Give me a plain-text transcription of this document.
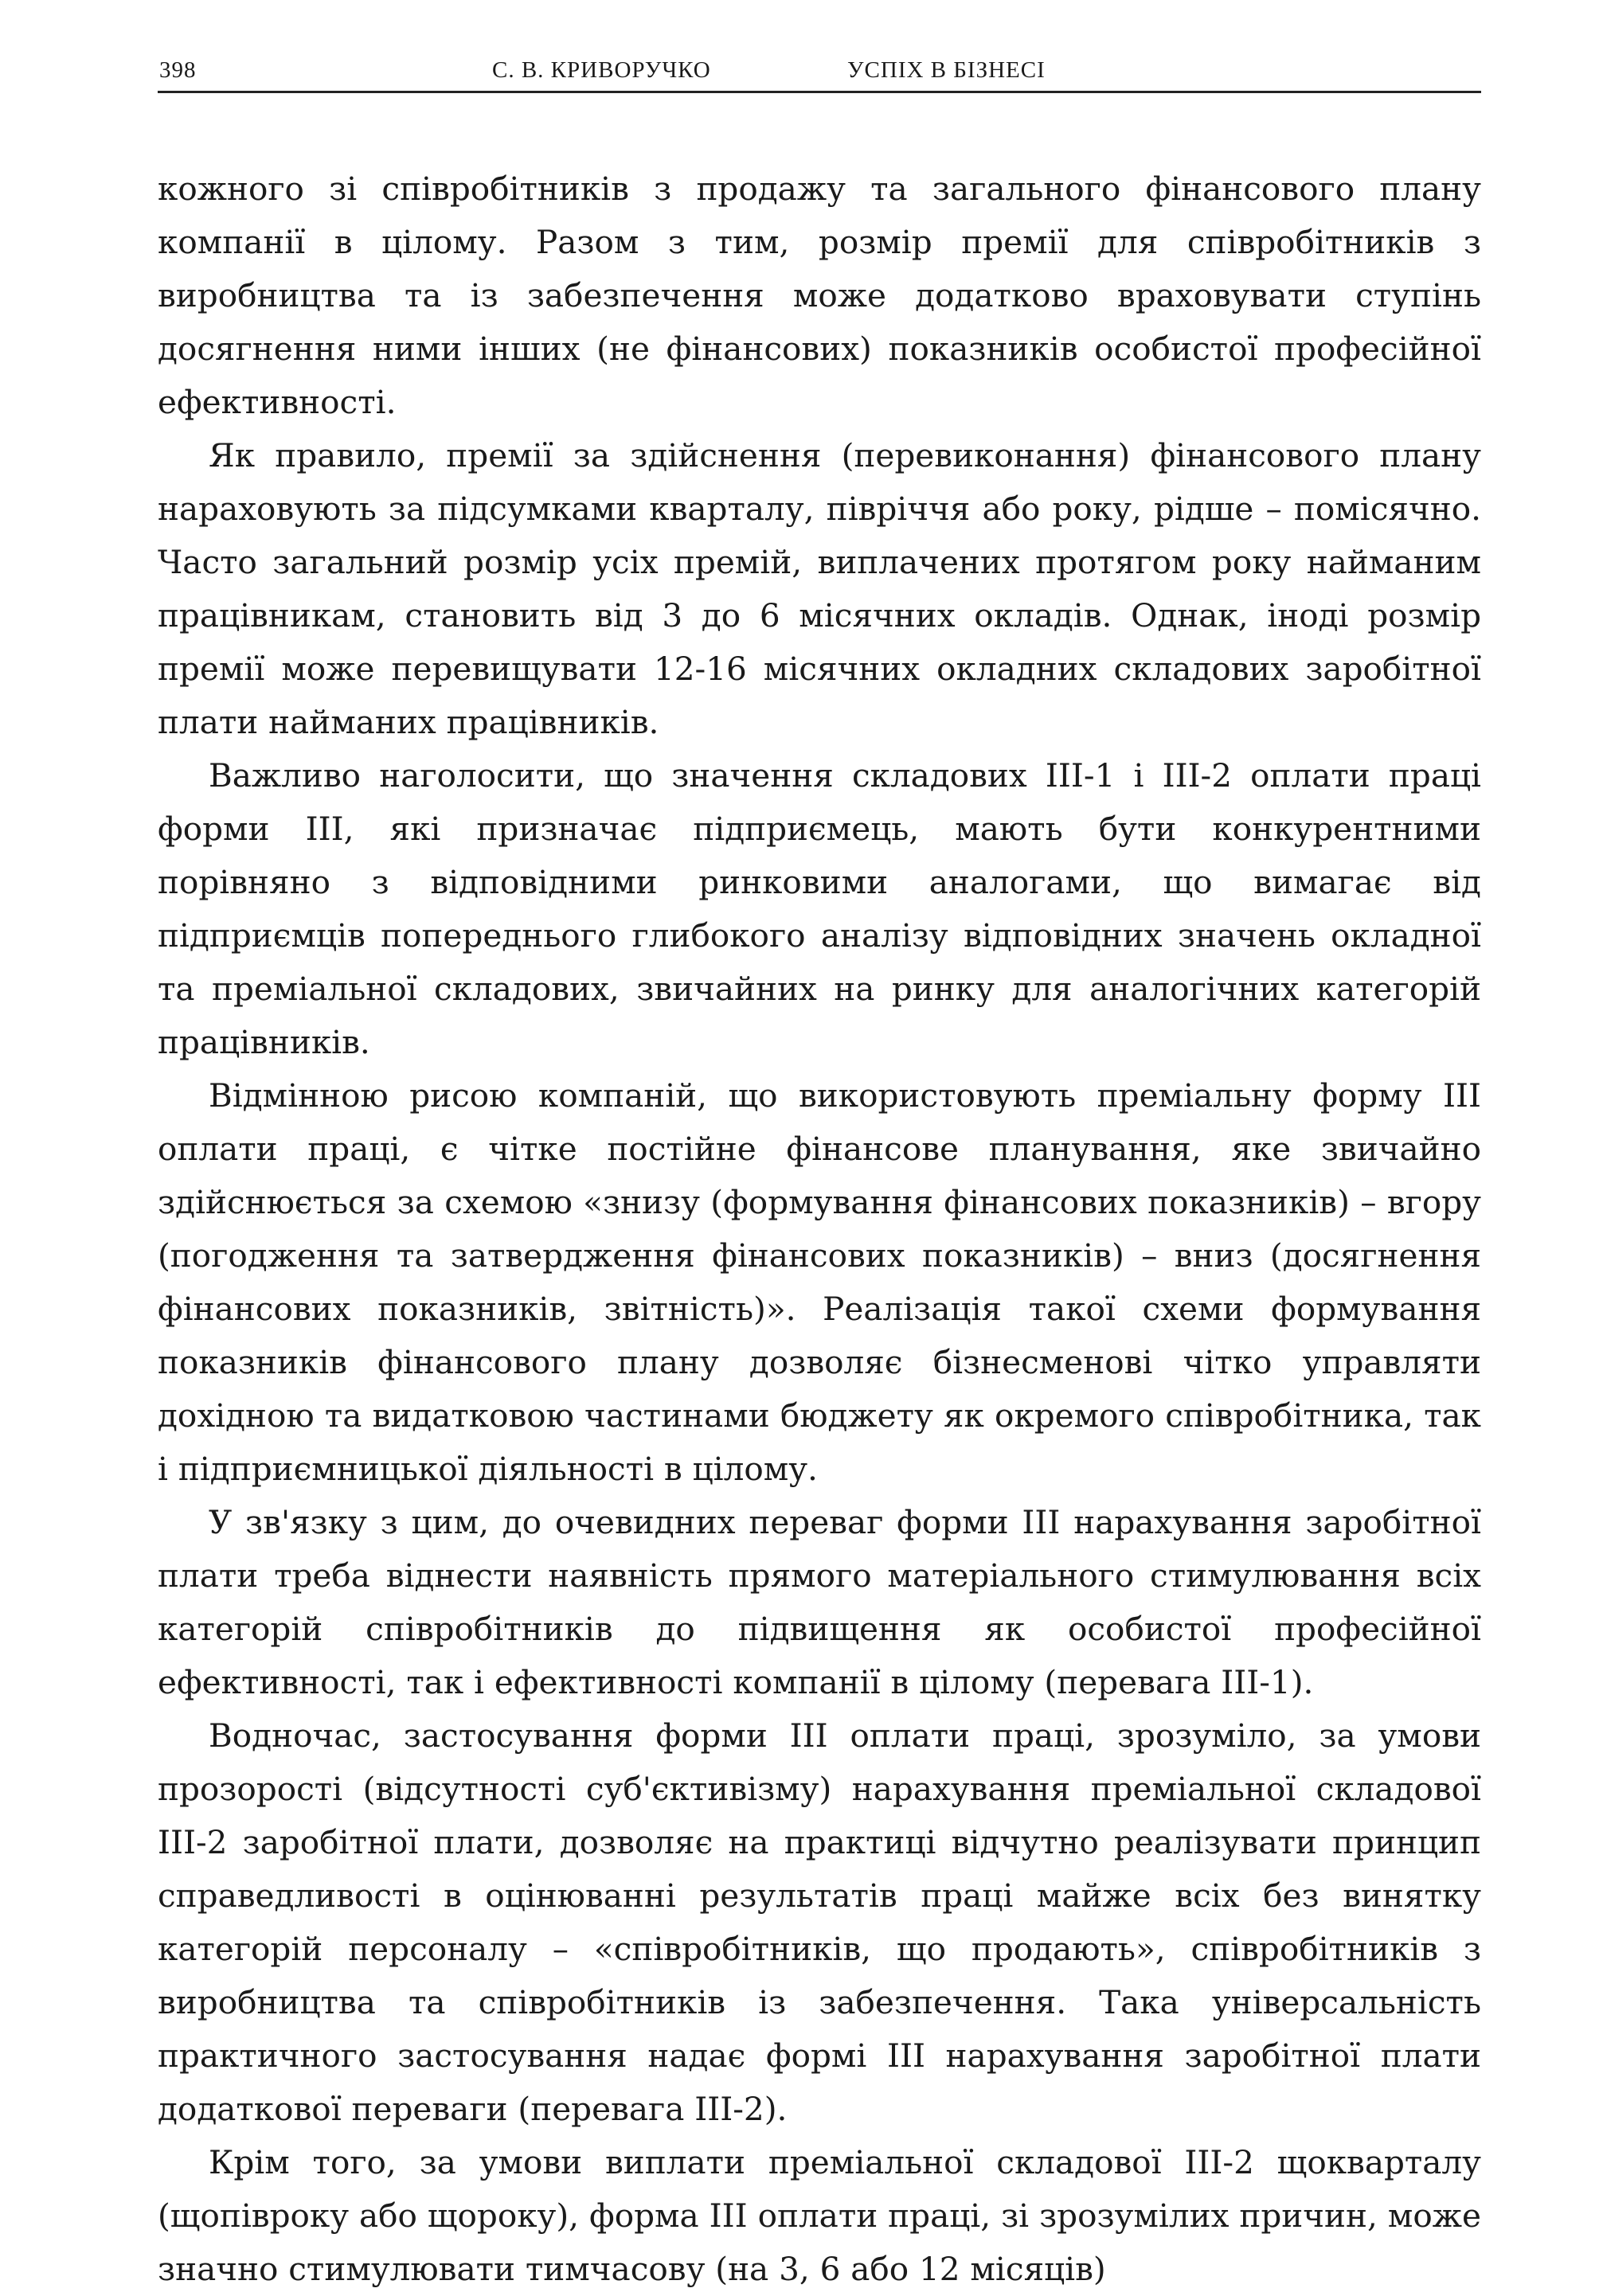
398	С. В. КРИВОРУЧКО	УСПІХ В БІЗНЕСІ

кожного зі співробітників з продажу та загального фінансового плану компанії в цілому. Разом з тим, розмір премії для співробітників з виробництва та із забезпечення може додатково враховувати ступінь досягнення ними інших (не фінансових) показників особистої професійної ефективності.

Як правило, премії за здійснення (перевиконання) фінансового плану нараховують за підсумками кварталу, півріччя або року, рідше – помісячно. Часто загальний розмір усіх премій, виплачених протягом року найманим працівникам, становить від 3 до 6 місячних окладів. Однак, іноді розмір премії може перевищувати 12-16 місячних окладних складових заробітної плати найманих працівників.

Важливо наголосити, що значення складових ІІІ-1 і ІІІ-2 оплати праці форми ІІІ, які призначає підприємець, мають бути конкурентними порівняно з відповідними ринковими аналогами, що вимагає від підприємців попереднього глибокого аналізу відповідних значень окладної та преміальної складових, звичайних на ринку для аналогічних категорій працівників.

Відмінною рисою компаній, що використовують преміальну форму ІІІ оплати праці, є чітке постійне фінансове планування, яке звичайно здійснюється за схемою «знизу (формування фінансових показників) – вгору (погодження та затвердження фінансових показників) – вниз (досягнення фінансових показників, звітність)». Реалізація такої схеми формування показників фінансового плану дозволяє бізнесменові чітко управляти дохідною та видатковою частинами бюджету як окремого співробітника, так і підприємницької діяльності в цілому.

У зв'язку з цим, до очевидних переваг форми ІІІ нарахування заробітної плати треба віднести наявність прямого матеріального стимулювання всіх категорій співробітників до підвищення як особистої професійної ефективності, так і ефективності компанії в цілому (перевага ІІІ-1).

Водночас, застосування форми ІІІ оплати праці, зрозуміло, за умови прозорості (відсутності суб'єктивізму) нарахування преміальної складової ІІІ-2 заробітної плати, дозволяє на практиці відчутно реалізувати принцип справедливості в оцінюванні результатів праці майже всіх без винятку категорій персоналу – «співробітників, що продають», співробітників з виробництва та співробітників із забезпечення. Така універсальність практичного застосування надає формі ІІІ нарахування заробітної плати додаткової переваги (перевага ІІІ-2).

Крім того, за умови виплати преміальної складової ІІІ-2 щокварталу (щопівроку або щороку), форма ІІІ оплати праці, зі зрозумілих причин, може значно стимулювати тимчасову (на 3, 6 або 12 місяців)
